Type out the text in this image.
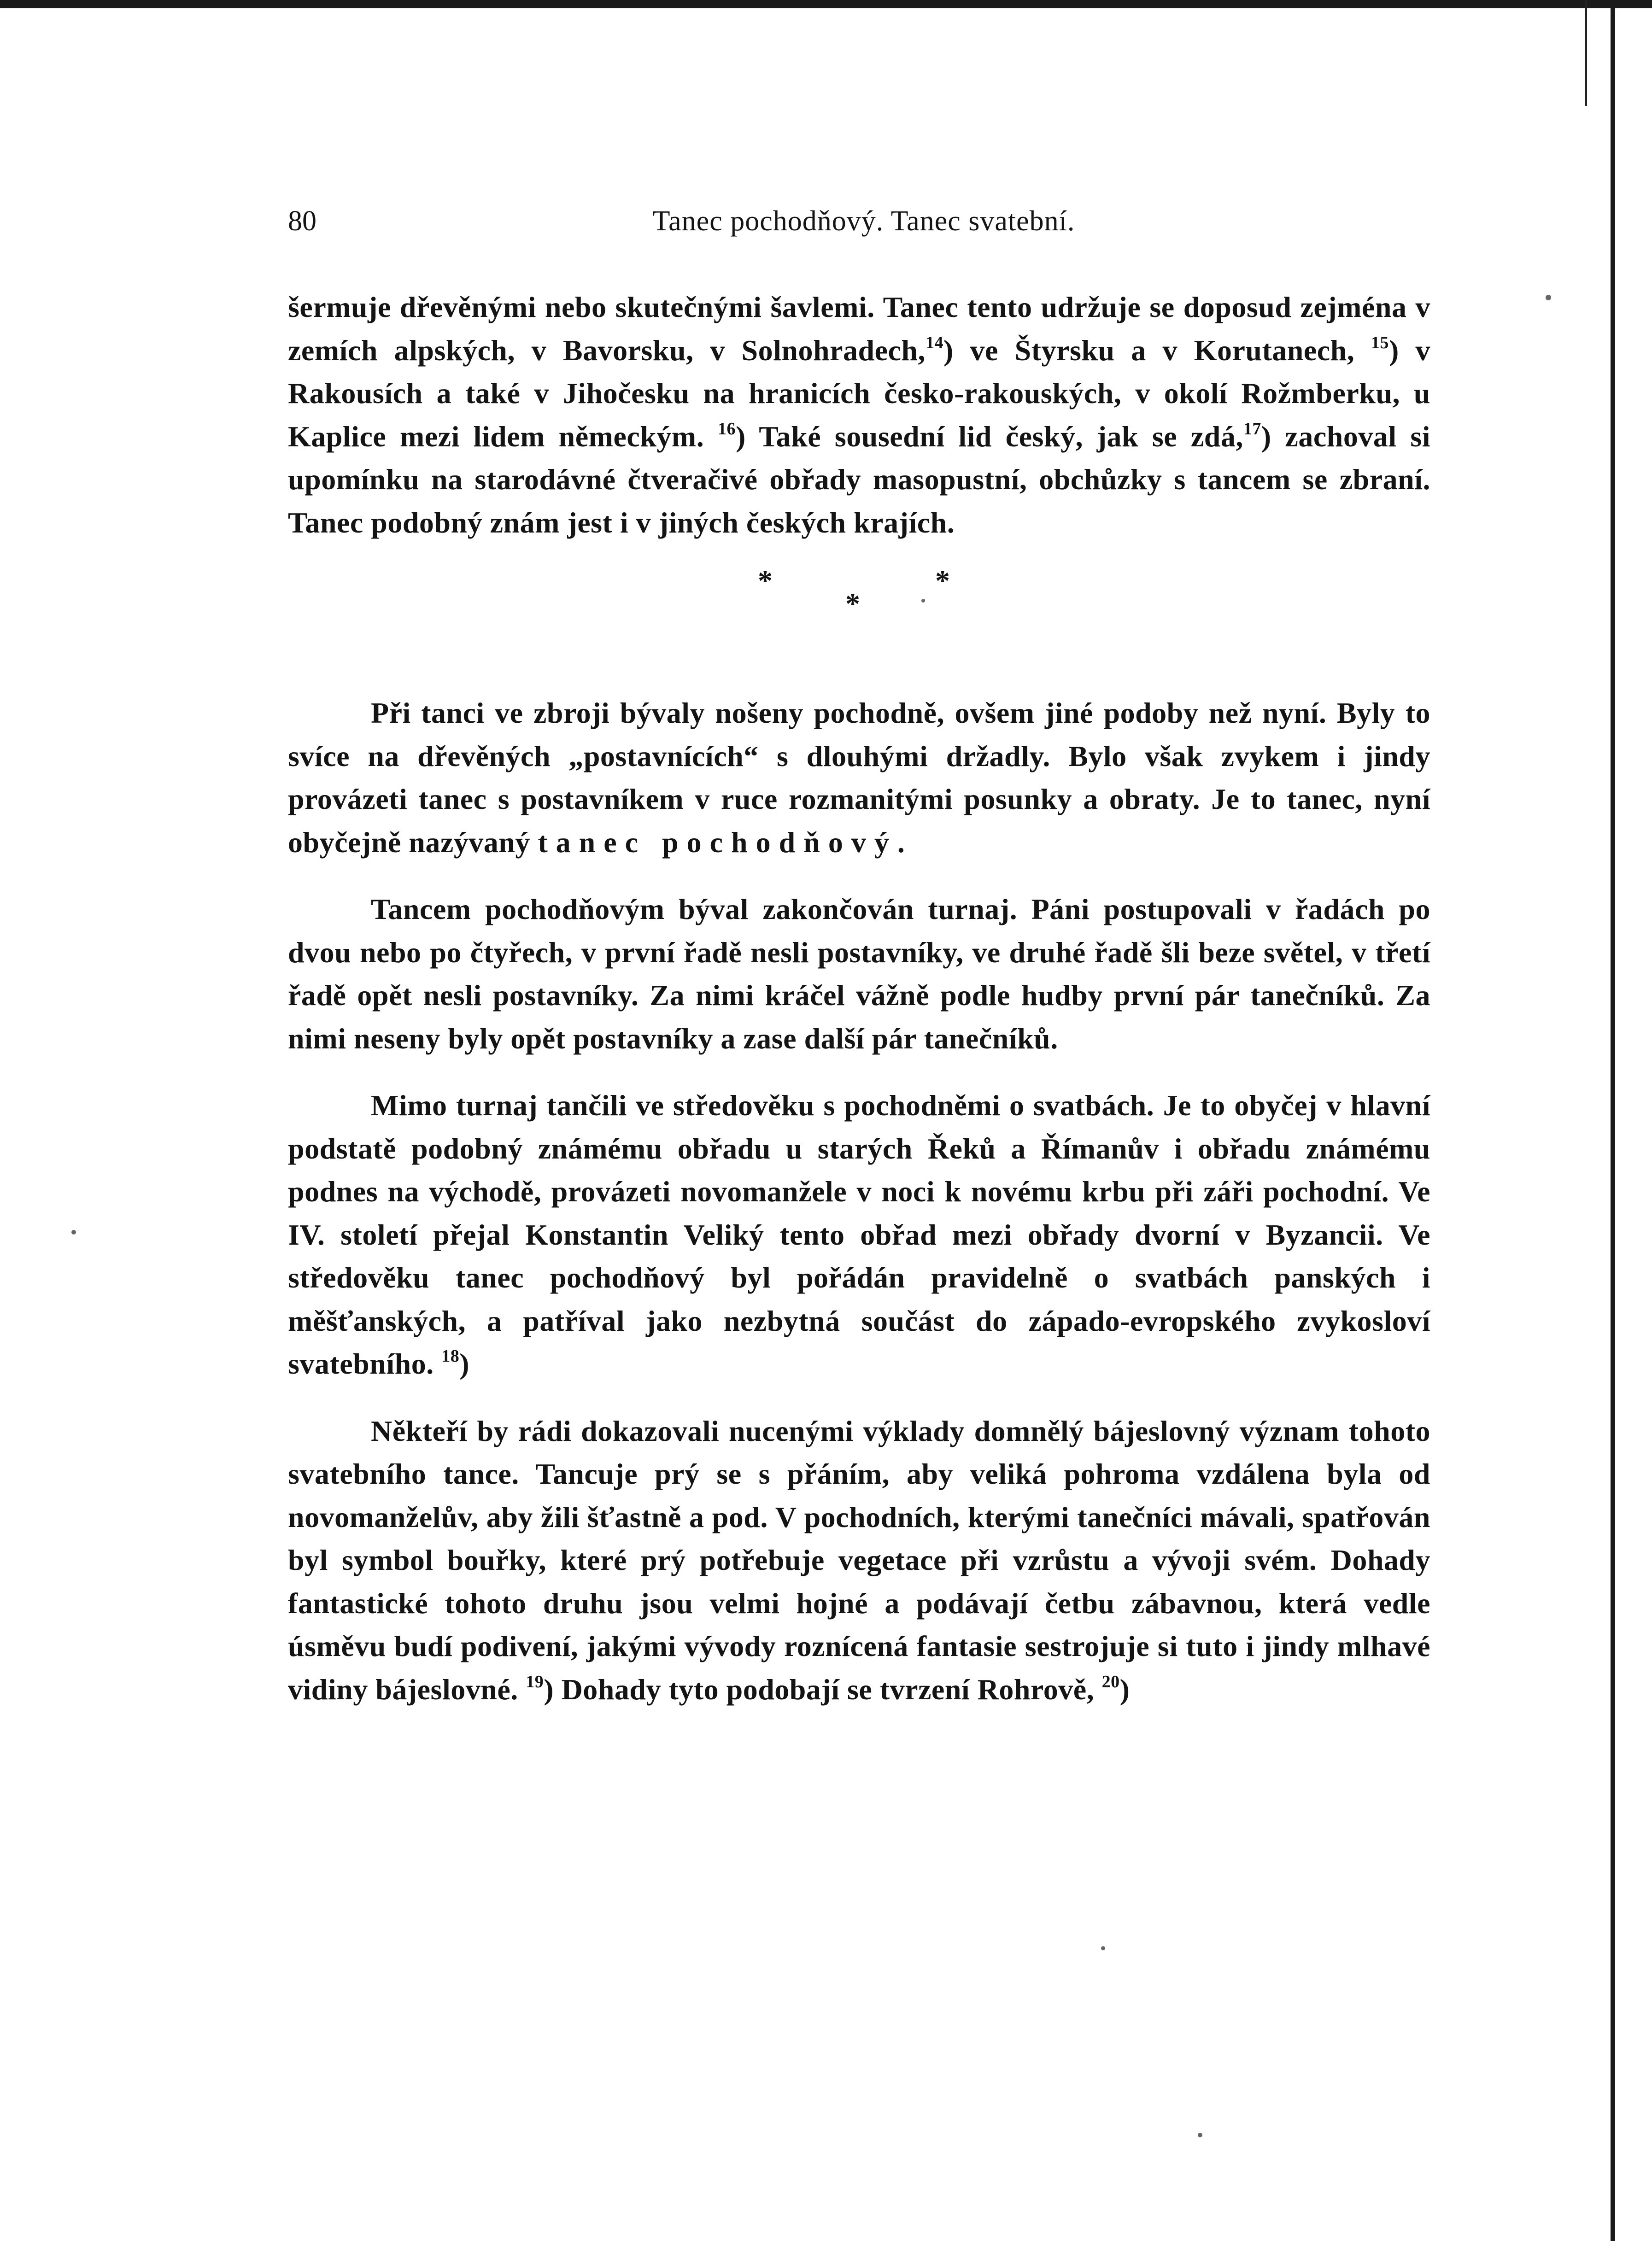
80	Tanec pochodňový. Tanec svatební.

šermuje dřevěnými nebo skutečnými šavlemi. Tanec tento udržuje se doposud zejména v zemích alpských, v Bavorsku, v Solnohradech,$^{14}$) ve Štyrsku a v Korutanech, $^{15}$) v Rakousích a také v Jihočesku na hranicích česko-rakouských, v okolí Rožmberku, u Kaplice mezi lidem německým. $^{16}$) Také sousední lid český, jak se zdá,$^{17}$) zachoval si upomínku na starodávné čtveračivé obřady masopustní, obchůzky s tancem se zbraní. Tanec podobný znám jest i v jiných českých krajích.

*
*
*

Při tanci ve zbroji bývaly nošeny pochodně, ovšem jiné podoby než nyní. Byly to svíce na dřevěných „postavnících“ s dlouhými držadly. Bylo však zvykem i jindy provázeti tanec s postavníkem v ruce rozmanitými posunky a obraty. Je to tanec, nyní obyčejně nazývaný tanec pochodňový.

Tancem pochodňovým býval zakončován turnaj. Páni postupovali v řadách po dvou nebo po čtyřech, v první řadě nesli postavníky, ve druhé řadě šli beze světel, v třetí řadě opět nesli postavníky. Za nimi kráčel vážně podle hudby první pár tanečníků. Za nimi neseny byly opět postavníky a zase další pár tanečníků.

Mimo turnaj tančili ve středověku s pochodněmi o svatbách. Je to obyčej v hlavní podstatě podobný známému obřadu u starých Řeků a Římanův i obřadu známému podnes na východě, provázeti novomanžele v noci k novému krbu při záři pochodní. Ve IV. století přejal Konstantin Veliký tento obřad mezi obřady dvorní v Byzancii. Ve středověku tanec pochodňový byl pořádán pravidelně o svatbách panských i měšťanských, a patříval jako nezbytná součást do západo-evropského zvykosloví svatebního. $^{18}$)

Někteří by rádi dokazovali nucenými výklady domnělý bájeslovný význam tohoto svatebního tance. Tancuje prý se s přáním, aby veliká pohroma vzdálena byla od novomanželův, aby žili šťastně a pod. V pochodních, kterými tanečníci mávali, spatřován byl symbol bouřky, které prý potřebuje vegetace při vzrůstu a vývoji svém. Dohady fantastické tohoto druhu jsou velmi hojné a podávají četbu zábavnou, která vedle úsměvu budí podivení, jakými vývody roznícená fantasie sestrojuje si tuto i jindy mlhavé vidiny bájeslovné. $^{19}$) Dohady tyto podobají se tvrzení Rohrově, $^{20}$)
